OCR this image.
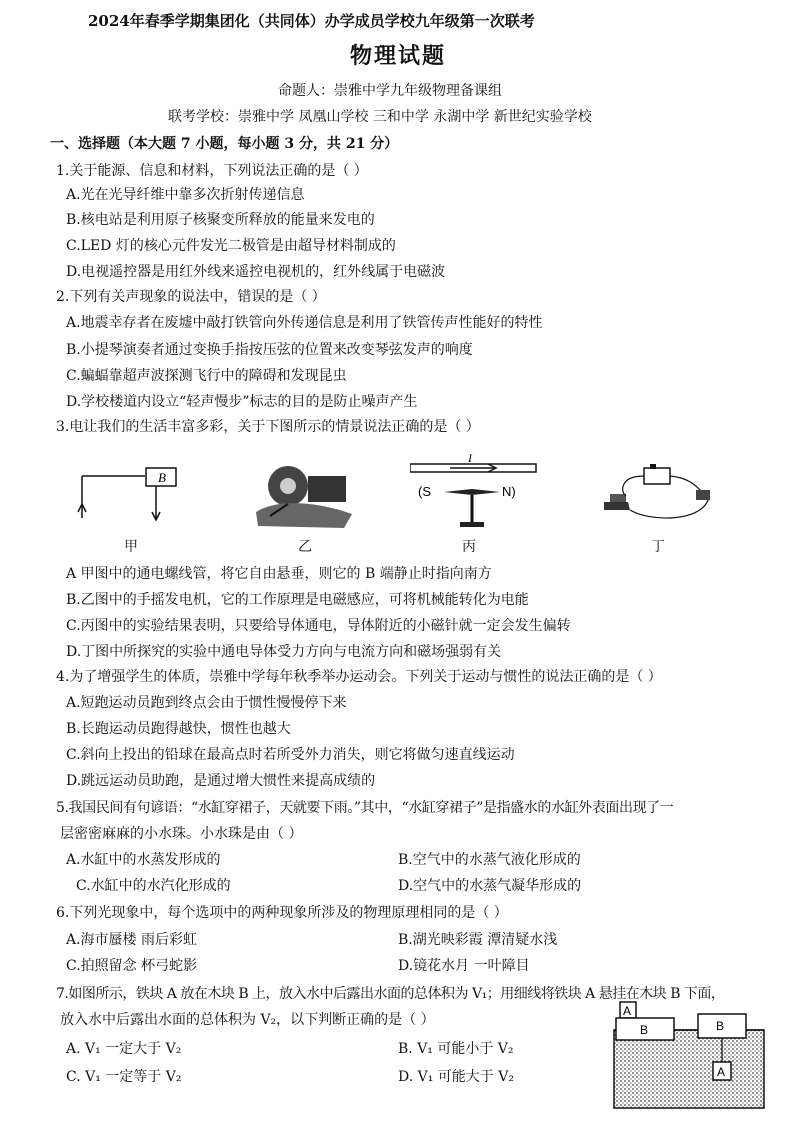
2024年春季学期集团化（共同体）办学成员学校九年级第一次联考
物理试题
命题人：崇雅中学九年级物理备课组
联考学校：崇雅中学 凤凰山学校 三和中学 永湖中学 新世纪实验学校
一、选择题（本大题 7 小题，每小题 3 分，共 21 分）
1.关于能源、信息和材料，下列说法正确的是（ ）
A.光在光导纤维中靠多次折射传递信息
B.核电站是利用原子核聚变所释放的能量来发电的
C.LED 灯的核心元件发光二极管是由超导材料制成的
D.电视遥控器是用红外线来遥控电视机的，红外线属于电磁波
2.下列有关声现象的说法中，错误的是（ ）
A.地震幸存者在废墟中敲打铁管向外传递信息是利用了铁管传声性能好的特性
B.小提琴演奏者通过变换手指按压弦的位置来改变琴弦发声的响度
C.蝙蝠靠超声波探测飞行中的障碍和发现昆虫
D.学校楼道内设立“轻声慢步”标志的目的是防止噪声产生
3.电让我们的生活丰富多彩，关于下图所示的情景说法正确的是（ ）
B
甲	乙
I
(S	N)
丙	丁
A 甲图中的通电螺线管，将它自由悬垂，则它的 B 端静止时指向南方
B.乙图中的手摇发电机，它的工作原理是电磁感应，可将机械能转化为电能
C.丙图中的实验结果表明，只要给导体通电，导体附近的小磁针就一定会发生偏转
D.丁图中所探究的实验中通电导体受力方向与电流方向和磁场强弱有关
4.为了增强学生的体质，崇雅中学每年秋季举办运动会。下列关于运动与惯性的说法正确的是（ ）
A.短跑运动员跑到终点会由于惯性慢慢停下来
B.长跑运动员跑得越快，惯性也越大
C.斜向上投出的铅球在最高点时若所受外力消失，则它将做匀速直线运动
D.跳远运动员助跑，是通过增大惯性来提高成绩的
5.我国民间有句谚语：“水缸穿裙子，天就要下雨。”其中，“水缸穿裙子”是指盛水的水缸外表面出现了一
层密密麻麻的小水珠。小水珠是由（ ）
A.水缸中的水蒸发形成的	B.空气中的水蒸气液化形成的
C.水缸中的水汽化形成的	D.空气中的水蒸气凝华形成的
6.下列光现象中，每个选项中的两种现象所涉及的物理原理相同的是（ ）
A.海市蜃楼 雨后彩虹	B.湖光映彩霞 潭清疑水浅
C.拍照留念 杯弓蛇影	D.镜花水月 一叶障目
7.如图所示，铁块 A 放在木块 B 上，放入水中后露出水面的总体积为 V₁；用细线将铁块 A 悬挂在木块 B 下面，
放入水中后露出水面的总体积为 V₂，以下判断正确的是（ ）
A. V₁ 一定大于 V₂	B. V₁ 可能小于 V₂
C. V₁ 一定等于 V₂	D. V₁ 可能大于 V₂
A
B	B
A
